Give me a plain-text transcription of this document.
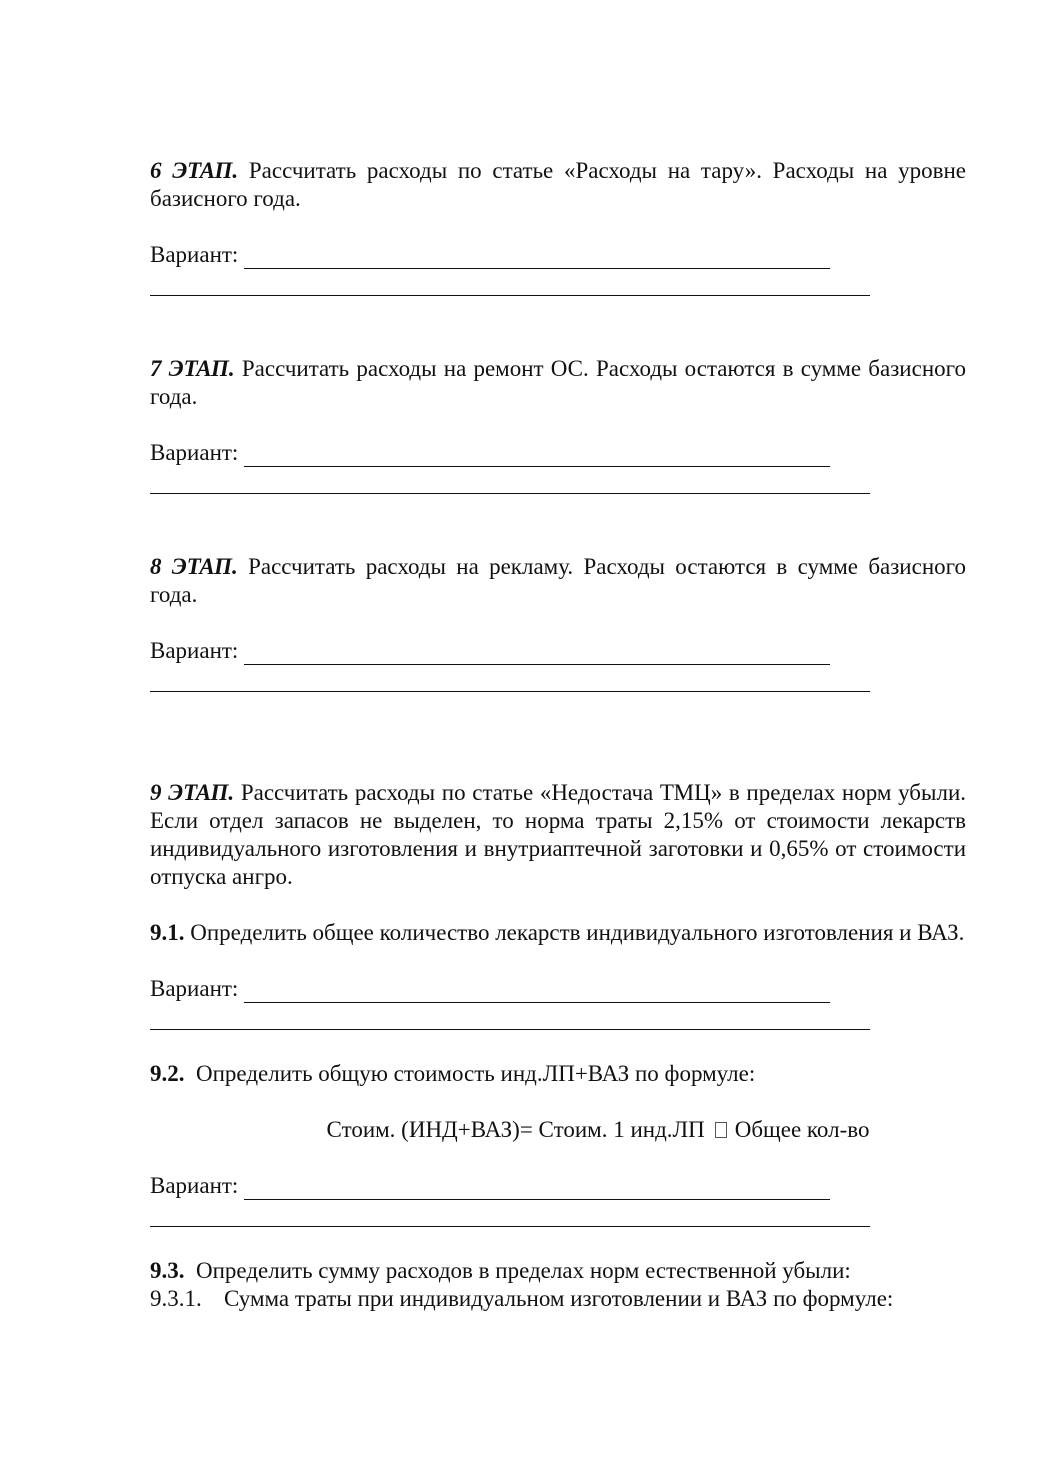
6 ЭТАП. Рассчитать расходы по статье «Расходы на тару». Расходы на уровне базисного года.

Вариант:

7 ЭТАП. Рассчитать расходы на ремонт ОС. Расходы остаются в сумме базисного года.

Вариант:

8 ЭТАП. Рассчитать расходы на рекламу. Расходы остаются в сумме базисного года.

Вариант:

9 ЭТАП. Рассчитать расходы по статье «Недостача ТМЦ» в пределах норм убыли. Если отдел запасов не выделен, то норма траты 2,15% от стоимости лекарств индивидуального изготовления и внутриаптечной заготовки и 0,65% от стоимости отпуска ангро.

9.1. Определить общее количество лекарств индивидуального изготовления и ВАЗ.

Вариант:

9.2.  Определить общую стоимость инд.ЛП+ВАЗ по формуле:

Стоим. (ИНД+ВАЗ)= Стоим. 1 инд.ЛП Общее кол-во

Вариант:

9.3.  Определить сумму расходов в пределах норм естественной убыли:

9.3.1. Сумма траты при индивидуальном изготовлении и ВАЗ по формуле:
